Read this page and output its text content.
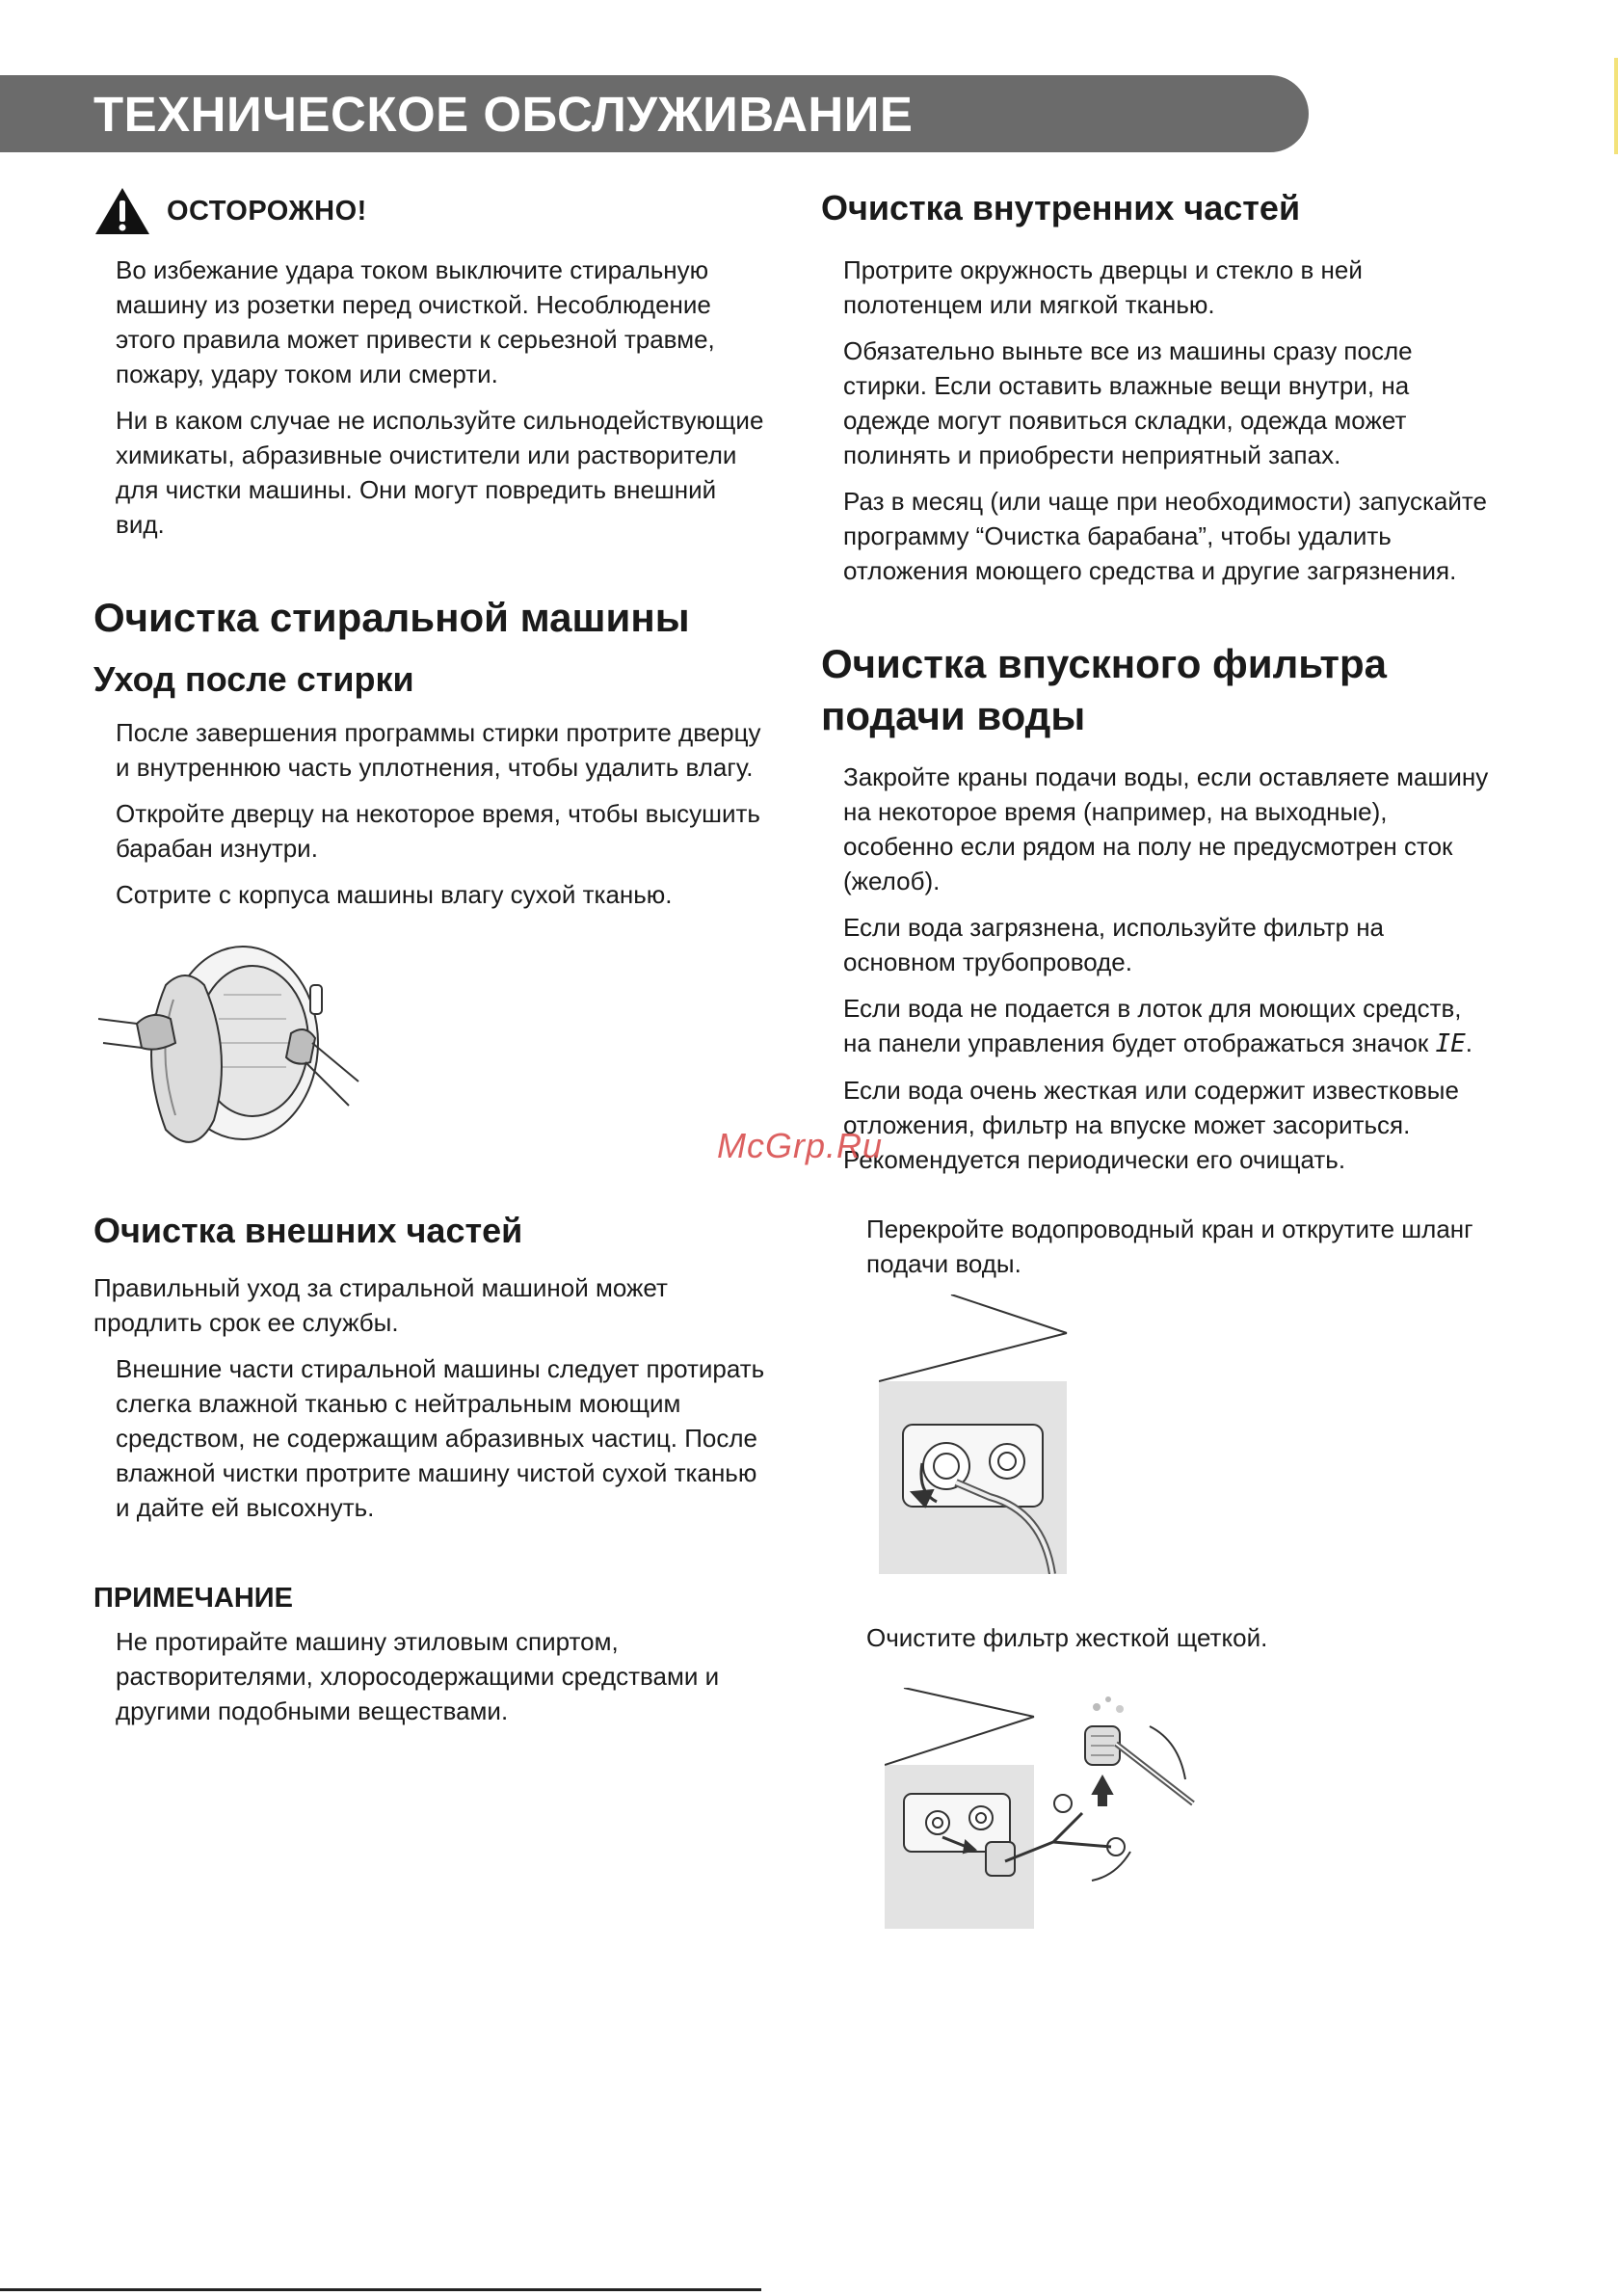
ТЕХНИЧЕСКОЕ ОБСЛУЖИВАНИЕ
ОСТОРОЖНО!

Во избежание удара током выключите стиральную машину из розетки перед очисткой. Несоблюдение этого правила может привести к серьезной травме, пожару, удару током или смерти.

Ни в каком случае не используйте сильнодействующие химикаты, абразивные очистители или растворители для чистки машины. Они могут повредить внешний вид.

Очистка стиральной машины
Уход после стирки

После завершения программы стирки протрите дверцу и внутреннюю часть уплотнения, чтобы удалить влагу.

Откройте дверцу на некоторое время, чтобы высушить барабан изнутри.

Сотрите с корпуса машины влагу сухой тканью.

Очистка внешних частей

Правильный уход за стиральной машиной может продлить срок ее службы.

Внешние части стиральной машины следует протирать слегка влажной тканью с нейтральным моющим средством, не содержащим абразивных частиц. После влажной чистки протрите машину чистой сухой тканью и дайте ей высохнуть.

ПРИМЕЧАНИЕ

Не протирайте машину этиловым спиртом, растворителями, хлоросодержащими средствами и другими подобными веществами.

Очистка внутренних частей

Протрите окружность дверцы и стекло в ней полотенцем или мягкой тканью.

Обязательно выньте все из машины сразу после стирки. Если оставить влажные вещи внутри, на одежде могут появиться складки, одежда может полинять и приобрести неприятный запах.

Раз в месяц (или чаще при необходимости) запускайте программу “Очистка барабана”, чтобы удалить отложения моющего средства и другие загрязнения.

Очистка впускного фильтра
подачи воды

Закройте краны подачи воды, если оставляете машину на некоторое время (например, на выходные), особенно если рядом на полу не предусмотрен сток (желоб).

Если вода загрязнена, используйте фильтр на основном трубопроводе.

Если вода не подается в лоток для моющих средств, на панели управления будет отображаться значок IE.

Если вода очень жесткая или содержит известковые отложения, фильтр на впуске может засориться. Рекомендуется периодически его очищать.

Перекройте водопроводный кран и открутите шланг подачи воды.

Очистите фильтр жесткой щеткой.

McGrp.Ru
